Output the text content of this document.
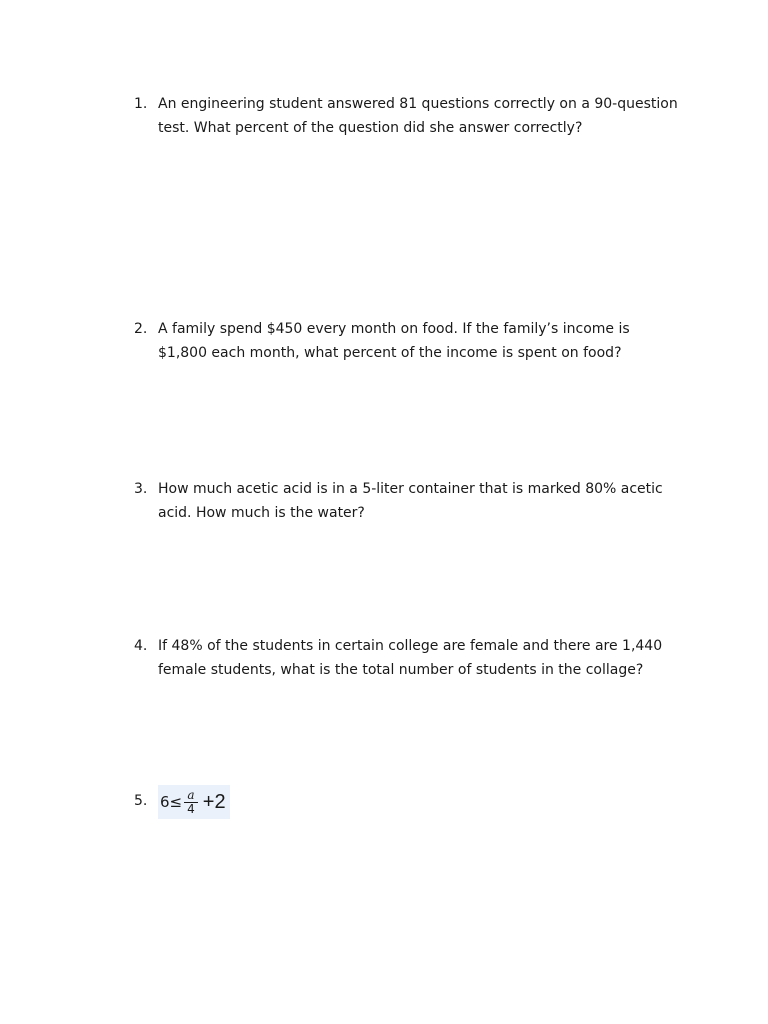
1. An engineering student answered 81 questions correctly on a 90-question test. What percent of the question did she answer correctly?
2. A family spend $450 every month on food. If the family’s income is $1,800 each month, what percent of the income is spent on food?
3. How much acetic acid is in a 5-liter container that is marked 80% acetic acid. How much is the water?
4. If 48% of the students in certain college are female and there are 1,440 female students, what is the total number of students in the collage?
5. $6 \le \frac{a}{4} +2$
